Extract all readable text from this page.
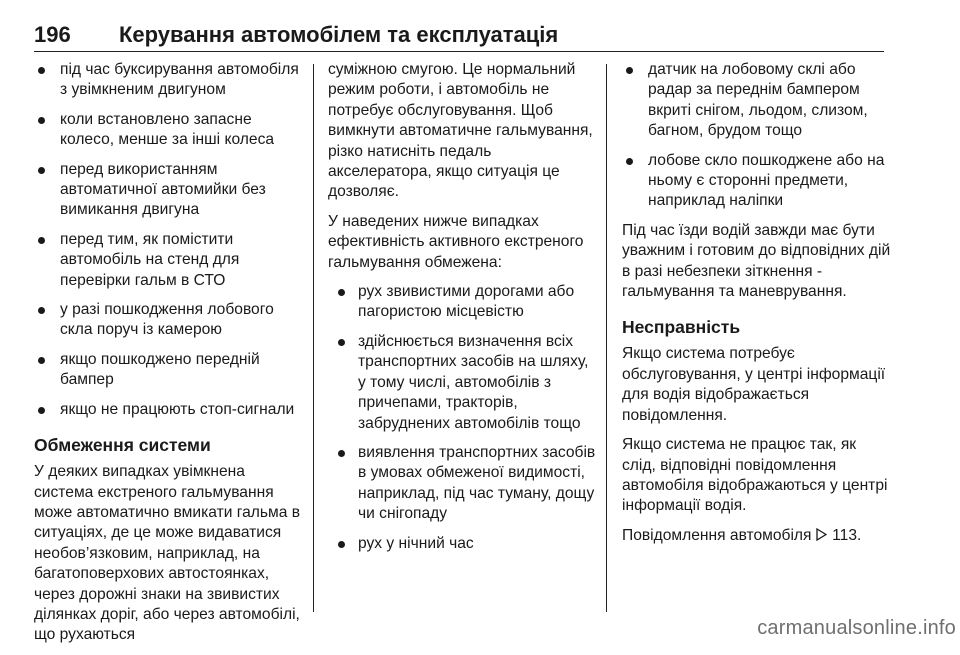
196 Керування автомобілем та експлуатація
під час буксирування автомобіля з увімкненим двигуном
коли встановлено запасне колесо, менше за інші колеса
перед використанням автоматичної автомийки без вимикання двигуна
перед тим, як помістити автомобіль на стенд для перевірки гальм в СТО
у разі пошкодження лобового скла поруч із камерою
якщо пошкоджено передній бампер
якщо не працюють стоп-сигнали
Обмеження системи

У деяких випадках увімкнена система екстреного гальмування може автоматично вмикати гальма в ситуаціях, де це може видаватися необов’язковим, наприклад, на багатоповерхових автостоянках, через дорожні знаки на звивистих ділянках доріг, або через автомобілі, що рухаються

суміжною смугою. Це нормальний режим роботи, і автомобіль не потребує обслуговування. Щоб вимкнути автоматичне гальмування, різко натисніть педаль акселератора, якщо ситуація це дозволяє.

У наведених нижче випадках ефективність активного екстреного гальмування обмежена:

рух звивистими дорогами або пагористою місцевістю
здійснюється визначення всіх транспортних засобів на шляху, у тому числі, автомобілів з причепами, тракторів, забруднених автомобілів тощо
виявлення транспортних засобів в умовах обмеженої видимості, наприклад, під час туману, дощу чи снігопаду
рух у нічний час
датчик на лобовому склі або радар за переднім бампером вкриті снігом, льодом, слизом, багном, брудом тощо
лобове скло пошкоджене або на ньому є сторонні предмети, наприклад наліпки

Під час їзди водій завжди має бути уважним і готовим до відповідних дій в разі небезпеки зіткнення - гальмування та маневрування.

Несправність

Якщо система потребує обслуговування, у центрі інформації для водія відображається повідомлення.

Якщо система не працює так, як слід, відповідні повідомлення автомобіля відображаються у центрі інформації водія.

Повідомлення автомобіля 113.

carmanualsonline.info
